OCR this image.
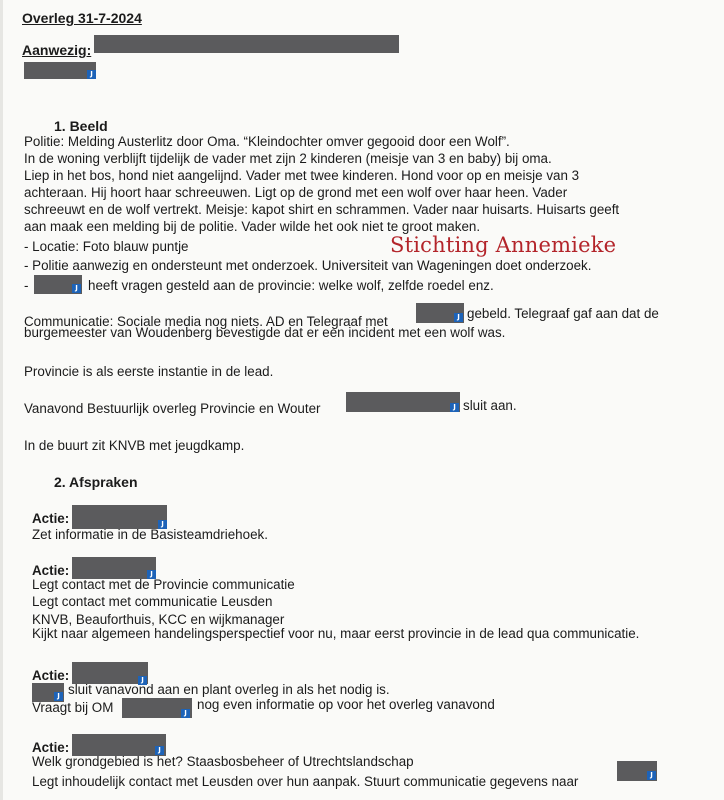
Overleg 31-7-2024
Aanwezig:
J
1. Beeld
Politie: Melding Austerlitz door Oma. “Kleindochter omver gegooid door een Wolf”.
In de woning verblijft tijdelijk de vader met zijn 2 kinderen (meisje van 3 en baby) bij oma.
Liep in het bos, hond niet aangelijnd. Vader met twee kinderen. Hond voor op en meisje van 3
achteraan. Hij hoort haar schreeuwen. Ligt op de grond met een wolf over haar heen. Vader
schreeuwt en de wolf vertrekt. Meisje: kapot shirt en schrammen. Vader naar huisarts. Huisarts geeft
aan maak een melding bij de politie. Vader wilde het ook niet te groot maken.
- Locatie: Foto blauw puntje
- Politie aanwezig en ondersteunt met onderzoek. Universiteit van Wageningen doet onderzoek.
Stichting Annemieke
-	J heeft vragen gesteld aan de provincie: welke wolf, zelfde roedel enz.
Communicatie: Sociale media nog niets. AD en Telegraaf met	J gebeld. Telegraaf gaf aan dat de
burgemeester van Woudenberg bevestigde dat er een incident met een wolf was.
Provincie is als eerste instantie in de lead.
Vanavond Bestuurlijk overleg Provincie en Wouter	J sluit aan.
In de buurt zit KNVB met jeugdkamp.
2. Afspraken
Actie:	J
Zet informatie in de Basisteamdriehoek.
Actie:	J
Legt contact met de Provincie communicatie
Legt contact met communicatie Leusden
KNVB, Beauforthuis, KCC en wijkmanager
Kijkt naar algemeen handelingsperspectief voor nu, maar eerst provincie in de lead qua communicatie.
Actie:	J
J sluit vanavond aan en plant overleg in als het nodig is.
Vraagt bij OM	J
nog even informatie op voor het overleg vanavond
Actie:	J
Welk grondgebied is het? Staasbosbeheer of Utrechtslandschap
Legt inhoudelijk contact met Leusden over hun aanpak. Stuurt communicatie gegevens naar	J
